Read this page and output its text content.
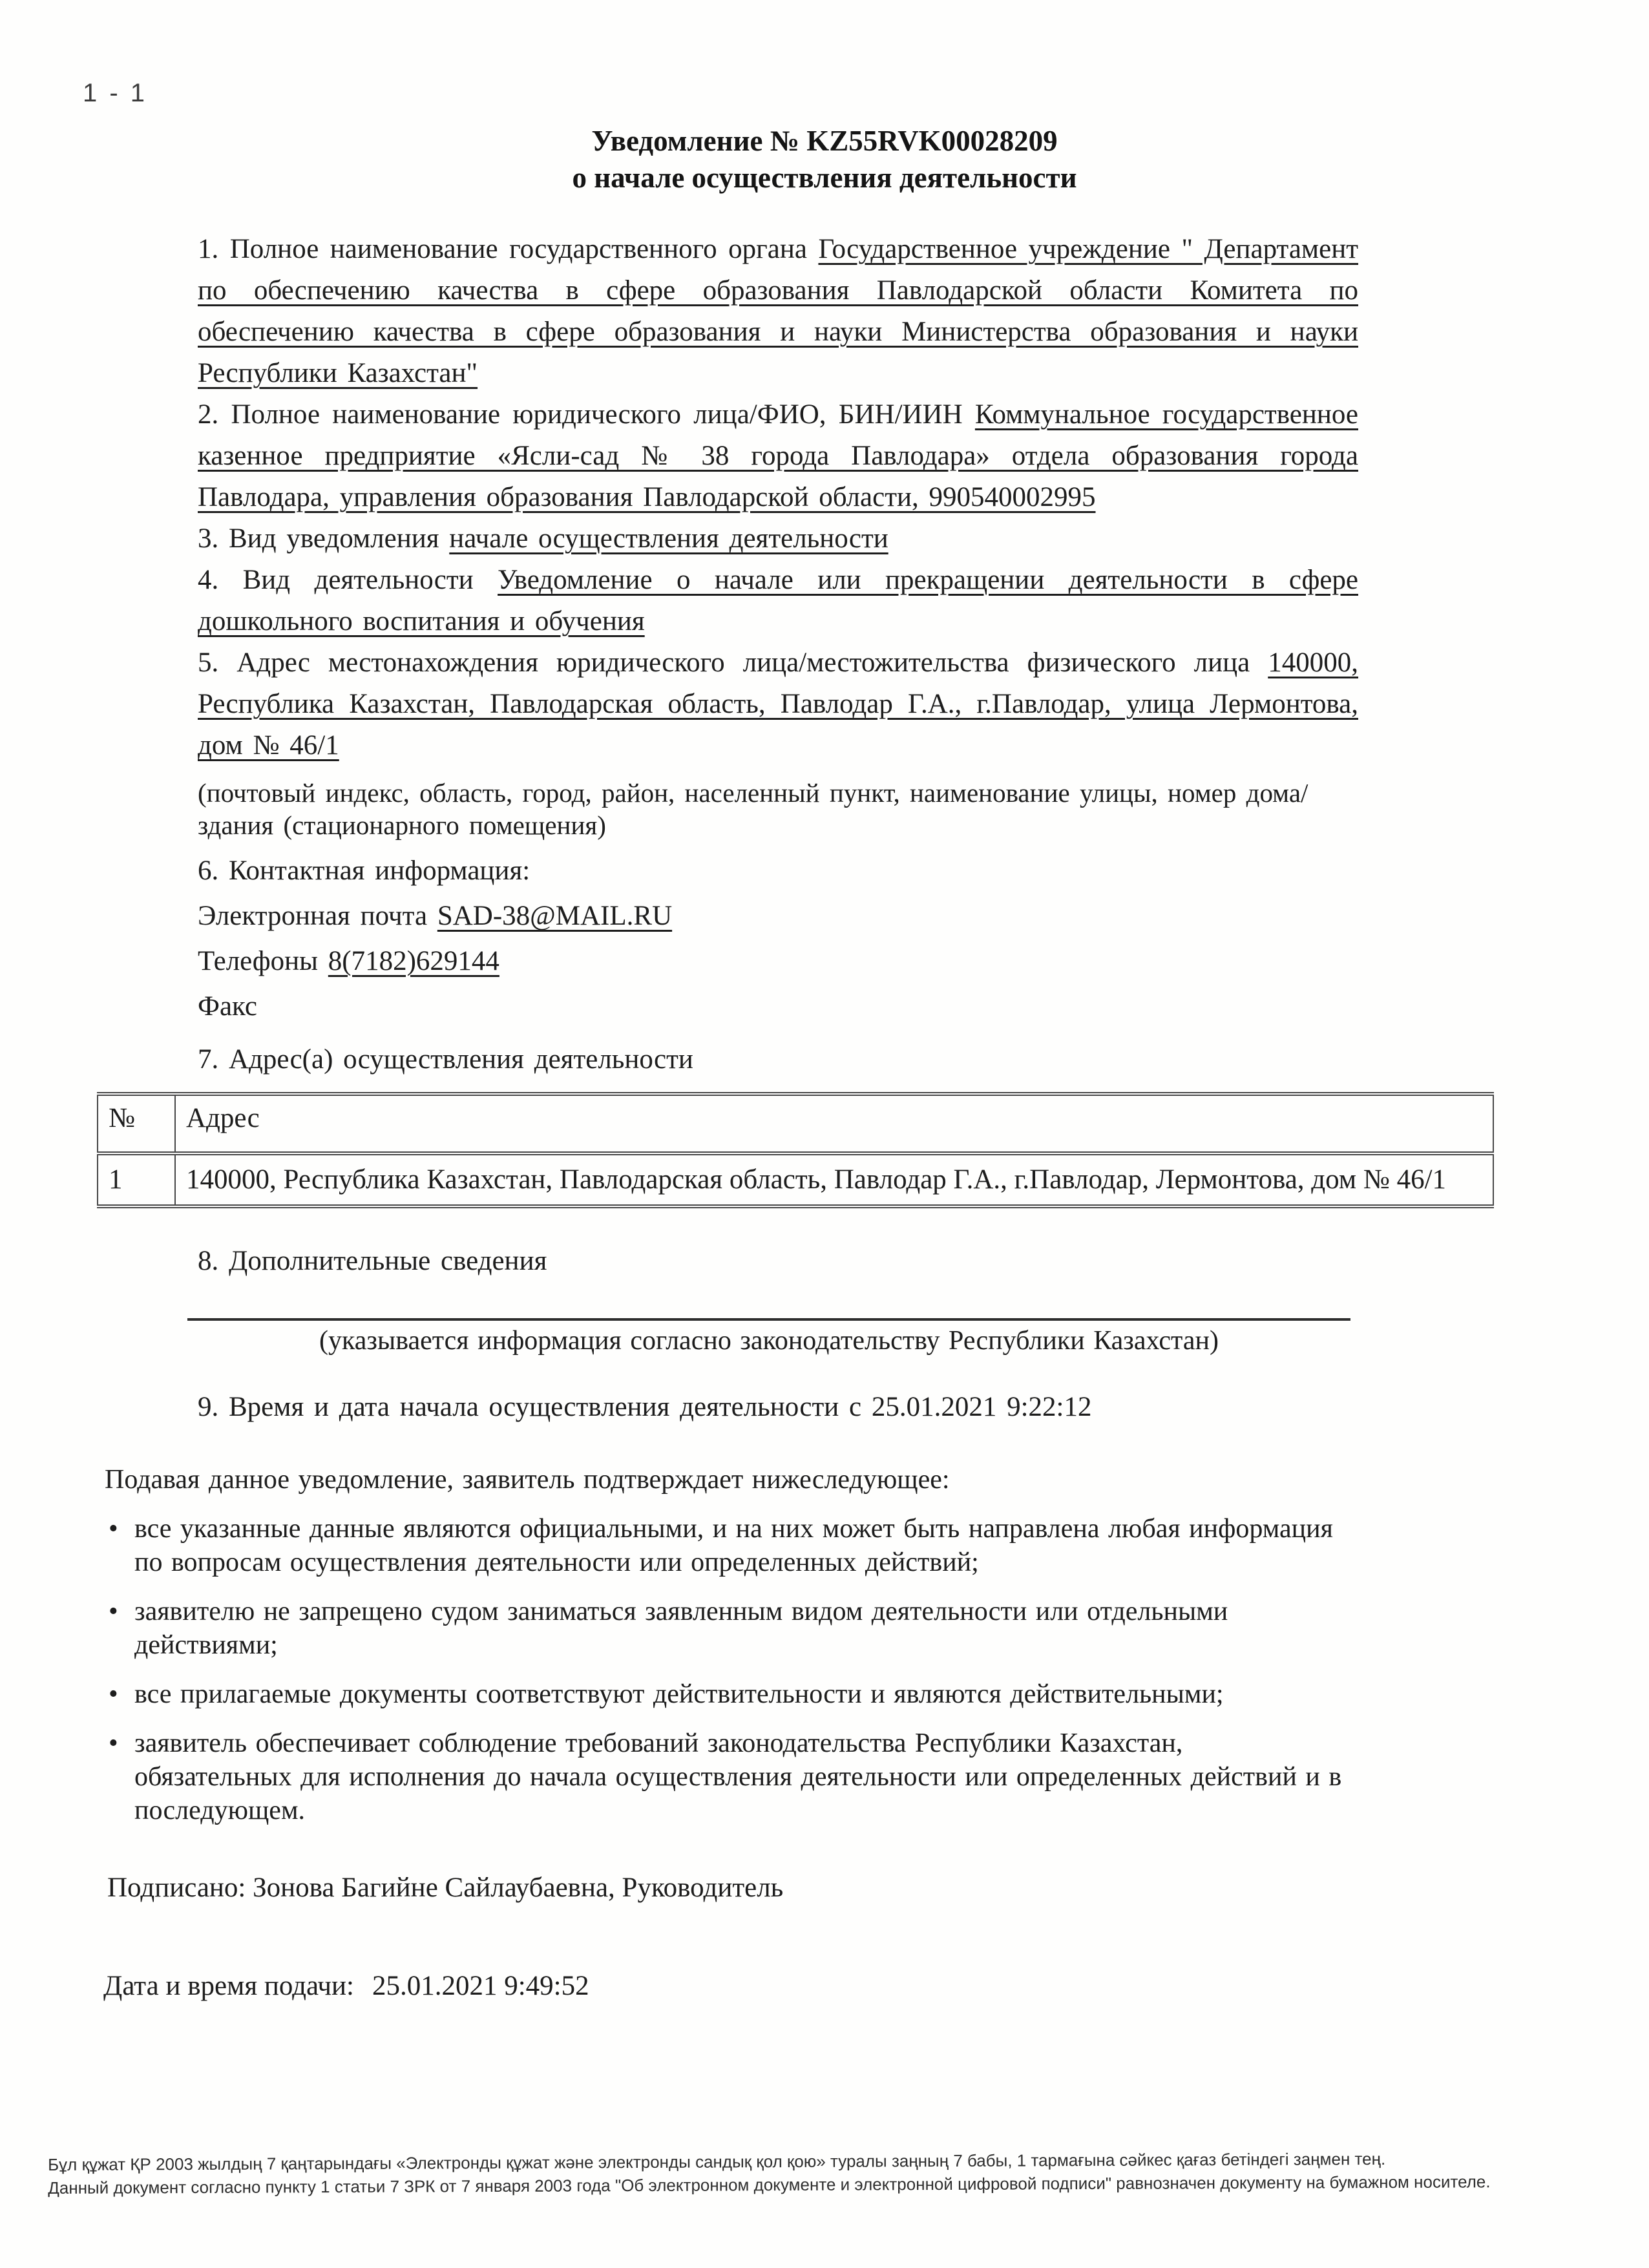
1 - 1
Уведомление № KZ55RVK00028209
о начале осуществления деятельности

1. Полное наименование государственного органа Государственное учреждение " Департамент по обеспечению качества в сфере образования Павлодарской области Комитета по обеспечению качества в сфере образования и науки Министерства образования и науки Республики Казахстан"

2. Полное наименование юридического лица/ФИО, БИН/ИИН Коммунальное государственное казенное предприятие «Ясли-сад № 38 города Павлодара» отдела образования города Павлодара, управления образования Павлодарской области, 990540002995

3. Вид уведомления начале осуществления деятельности

4. Вид деятельности Уведомление о начале или прекращении деятельности в сфере дошкольного воспитания и обучения

5. Адрес местонахождения юридического лица/местожительства физического лица 140000, Республика Казахстан, Павлодарская область, Павлодар Г.А., г.Павлодар, улица Лермонтова, дом № 46/1

(почтовый индекс, область, город, район, населенный пункт, наименование улицы, номер дома/здания (стационарного помещения)

6. Контактная информация:

Электронная почта SAD-38@MAIL.RU

Телефоны 8(7182)629144

Факс

7. Адрес(а) осуществления деятельности

№	Адрес
1	140000, Республика Казахстан, Павлодарская область, Павлодар Г.А., г.Павлодар, Лермонтова, дом № 46/1

8. Дополнительные сведения

(указывается информация согласно законодательству Республики Казахстан)

9. Время и дата начала осуществления деятельности с 25.01.2021 9:22:12

Подавая данное уведомление, заявитель подтверждает нижеследующее:

• все указанные данные являются официальными, и на них может быть направлена любая информация по вопросам осуществления деятельности или определенных действий;

• заявителю не запрещено судом заниматься заявленным видом деятельности или отдельными действиями;

• все прилагаемые документы соответствуют действительности и являются действительными;

• заявитель обеспечивает соблюдение требований законодательства Республики Казахстан, обязательных для исполнения до начала осуществления деятельности или определенных действий и в последующем.

Подписано: Зонова Багийне Сайлаубаевна, Руководитель
Дата и время подачи: 25.01.2021 9:49:52

Бұл құжат ҚР 2003 жылдың 7 қаңтарындағы «Электронды құжат және электронды сандық қол қою» туралы заңның 7 бабы, 1 тармағына сәйкес қағаз бетіндегі заңмен тең.

Данный документ согласно пункту 1 статьи 7 ЗРК от 7 января 2003 года "Об электронном документе и электронной цифровой подписи" равнозначен документу на бумажном носителе.
